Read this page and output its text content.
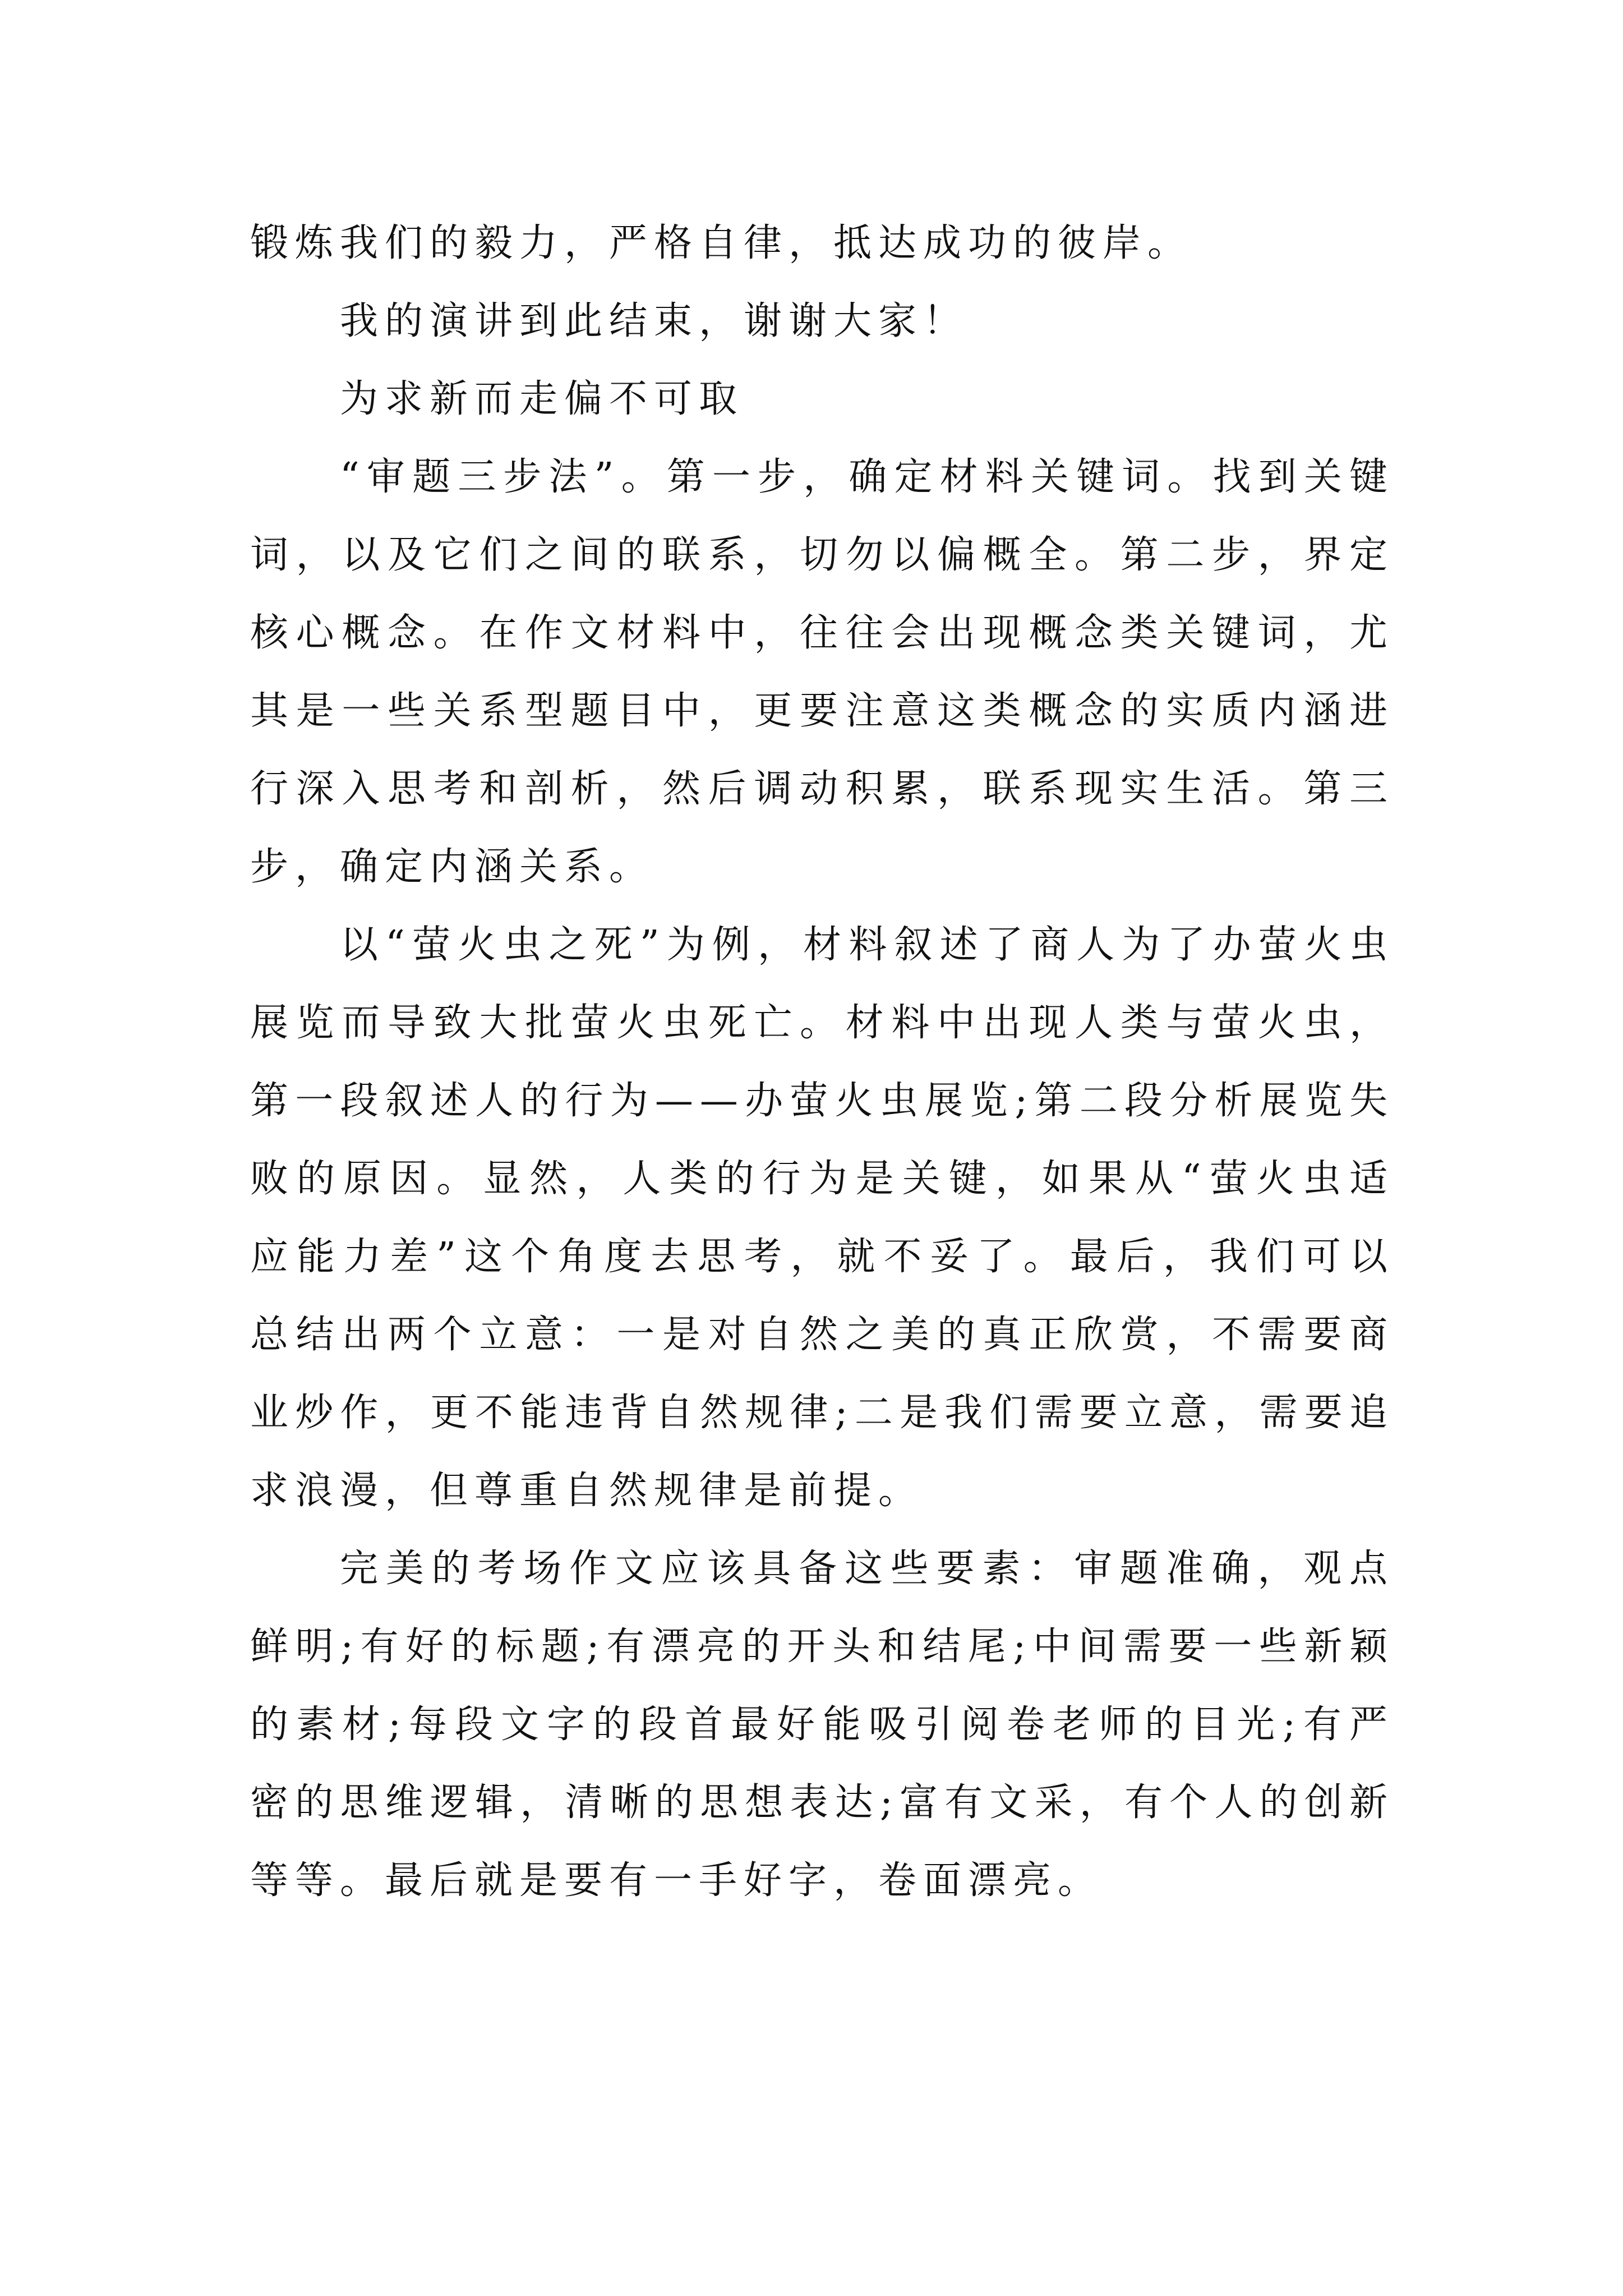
锻炼我们的毅力，严格自律，抵达成功的彼岸。

我的演讲到此结束，谢谢大家！

为求新而走偏不可取

“审题三步法”。第一步，确定材料关键词。找到关键词，以及它们之间的联系，切勿以偏概全。第二步，界定核心概念。在作文材料中，往往会出现概念类关键词，尤其是一些关系型题目中，更要注意这类概念的实质内涵进行深入思考和剖析，然后调动积累，联系现实生活。第三步，确定内涵关系。

以“萤火虫之死”为例，材料叙述了商人为了办萤火虫展览而导致大批萤火虫死亡。材料中出现人类与萤火虫，第一段叙述人的行为——办萤火虫展览;第二段分析展览失败的原因。显然，人类的行为是关键，如果从“萤火虫适应能力差”这个角度去思考，就不妥了。最后，我们可以总结出两个立意：一是对自然之美的真正欣赏，不需要商业炒作，更不能违背自然规律;二是我们需要立意，需要追求浪漫，但尊重自然规律是前提。

完美的考场作文应该具备这些要素：审题准确，观点鲜明;有好的标题;有漂亮的开头和结尾;中间需要一些新颖的素材;每段文字的段首最好能吸引阅卷老师的目光;有严密的思维逻辑，清晰的思想表达;富有文采，有个人的创新等等。最后就是要有一手好字，卷面漂亮。
